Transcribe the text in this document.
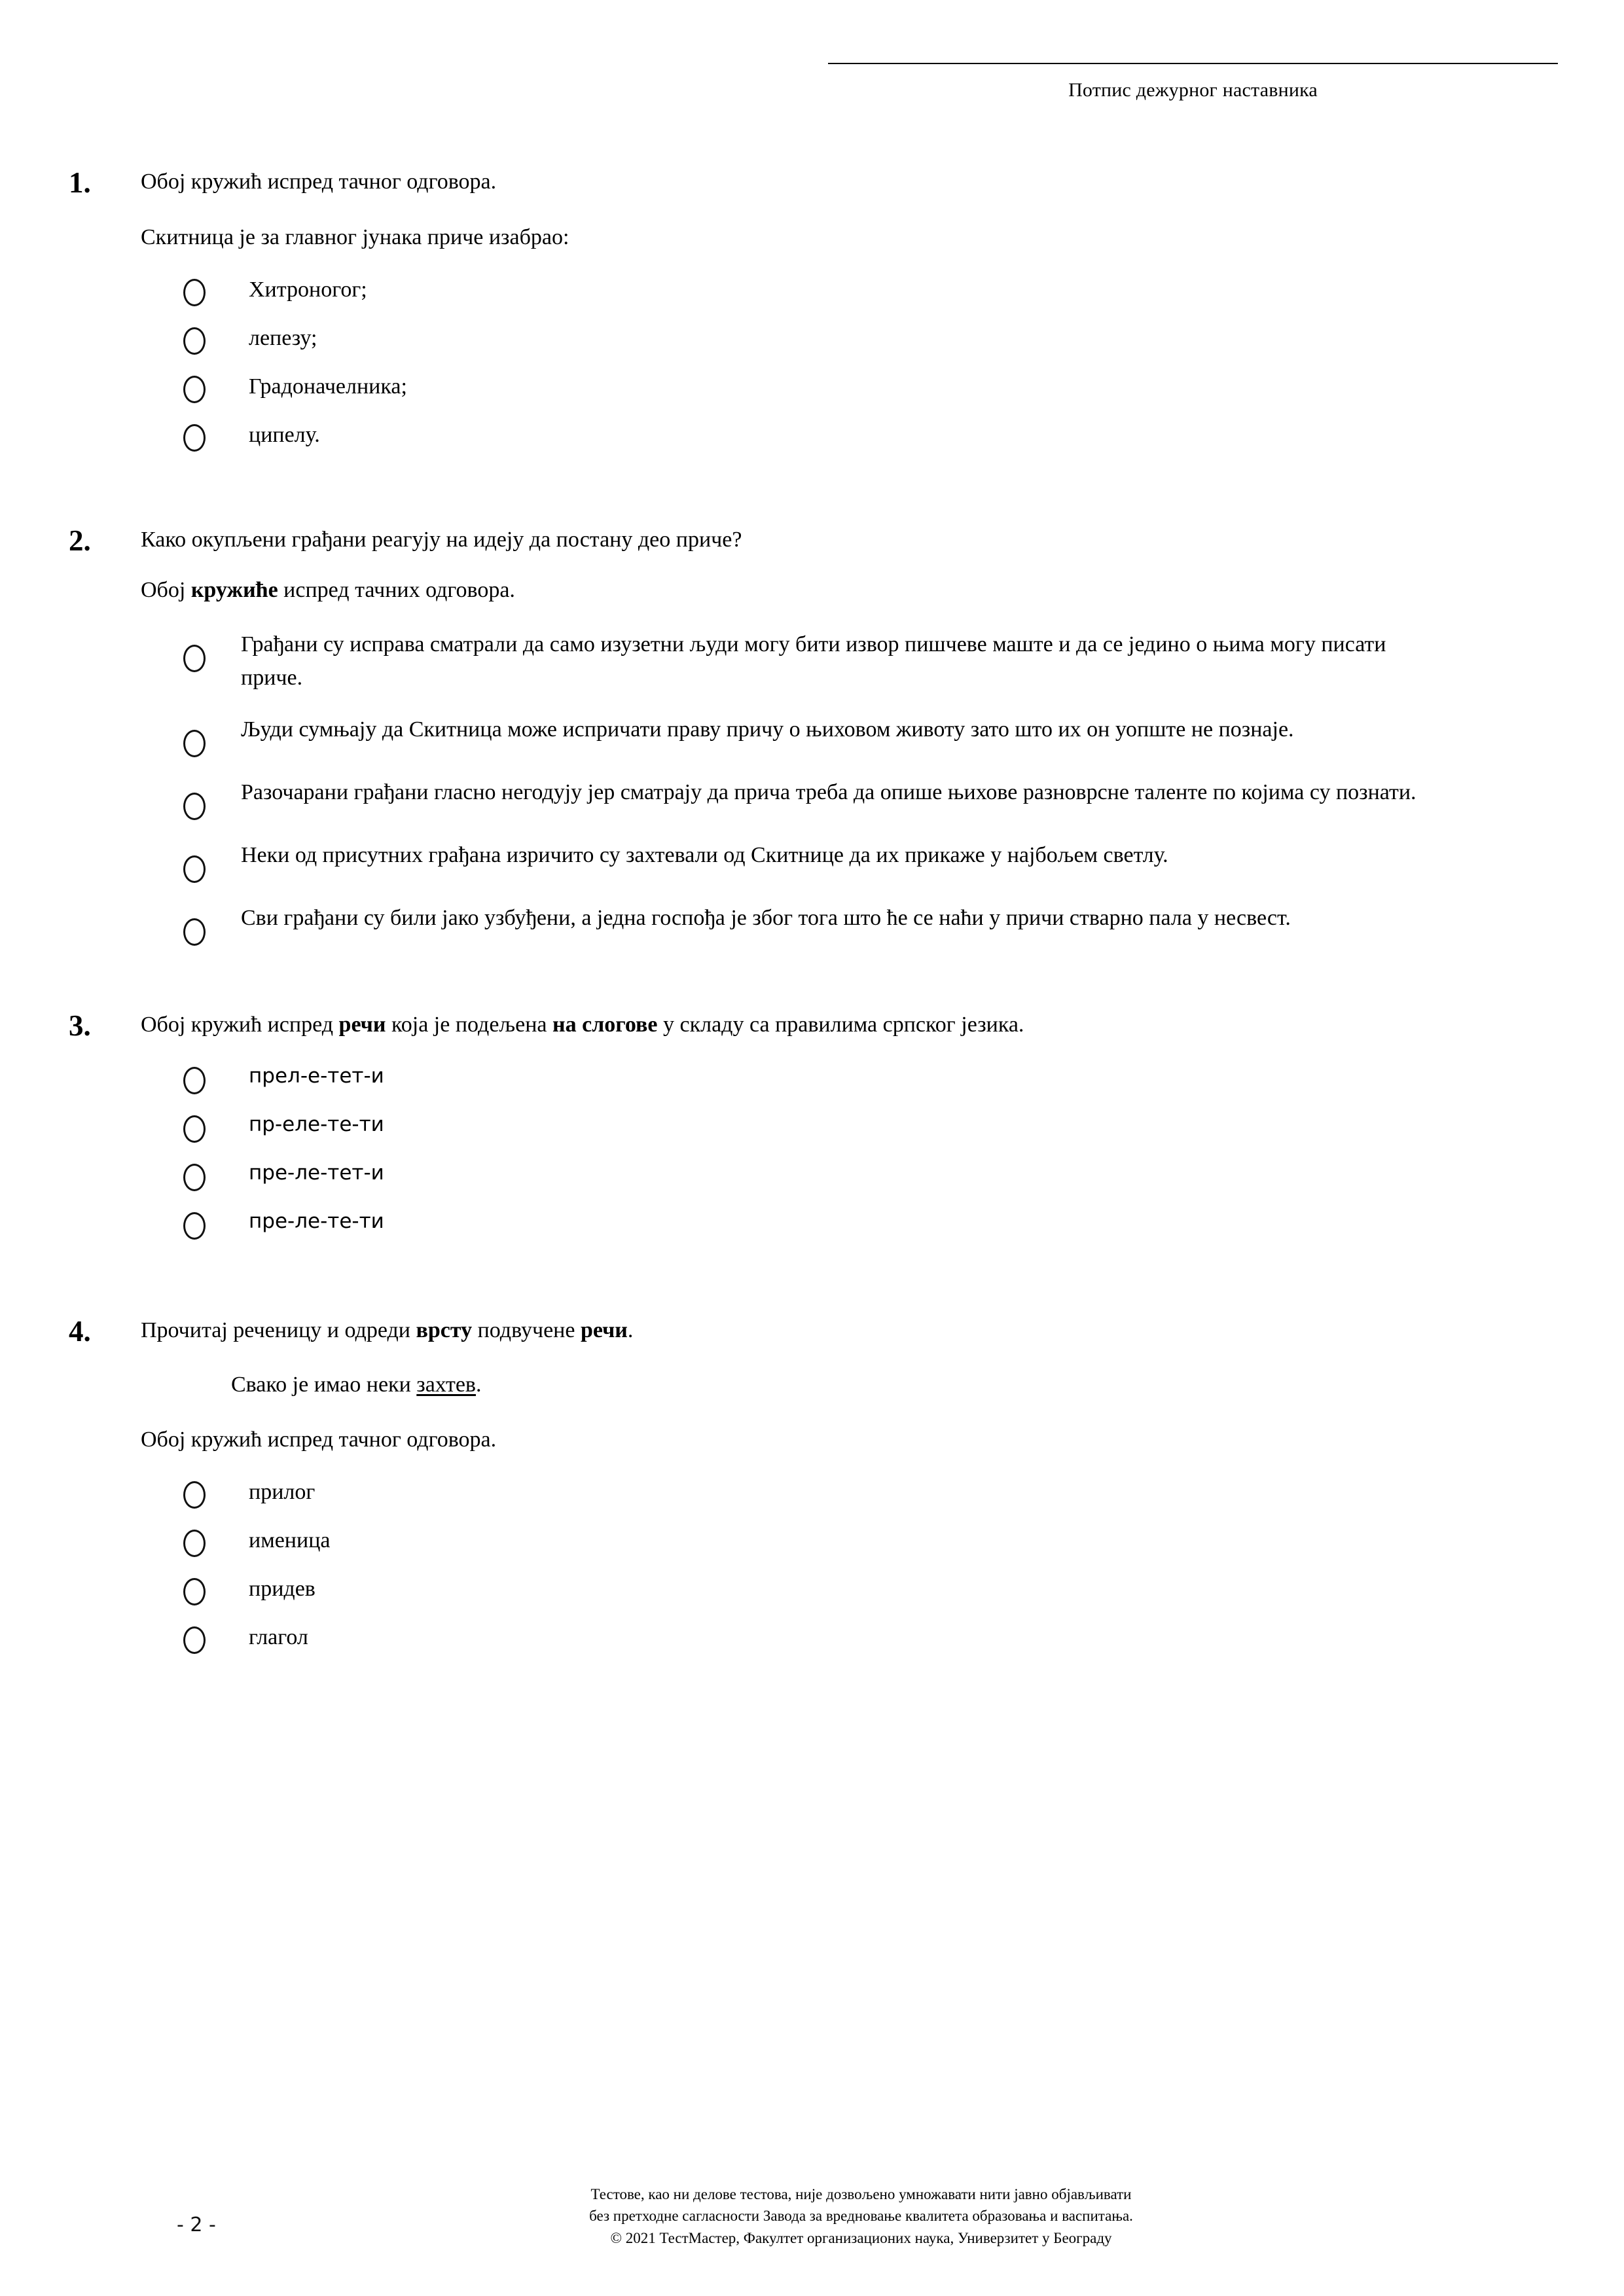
Потпис дежурног наставника
1.	Обој кружић испред тачног одговора.
Скитница је за главног јунака приче изабрао:
Хитроногог;
лепезу;
Градоначелника;
ципелу.
2.	Како окупљени грађани реагују на идеју да постану део приче?
Обој кружиће испред тачних одговора.
Грађани су исправа сматрали да само изузетни људи могу бити извор пишчеве маште и да се једино о њима могу писати приче.
Људи сумњају да Скитница може испричати праву причу о њиховом животу зато што их он уопште не познаје.
Разочарани грађани гласно негодују јер сматрају да прича треба да опише њихове разноврсне таленте по којима су познати.
Неки од присутних грађана изричито су захтевали од Скитнице да их прикаже у најбољем светлу.
Сви грађани су били јако узбуђени, а једна госпођа је због тога што ће се наћи у причи стварно пала у несвест.
3.	Обој кружић испред речи која је подељена на слогове у складу са правилима српског језика.
прел-е-тет-и
пр-еле-те-ти
пре-ле-тет-и
пре-ле-те-ти
4.	Прочитај реченицу и одреди врсту подвучене речи.
Свако је имао неки захтев.
Обој кружић испред тачног одговора.
прилог
именица
придев
глагол
- 2 -
Тестове, као ни делове тестова, није дозвољено умножавати нити јавно објављивати
без претходне сагласности Завода за вредновање квалитета образовања и васпитања.
© 2021 ТестМастер, Факултет организационих наука, Универзитет у Београду
